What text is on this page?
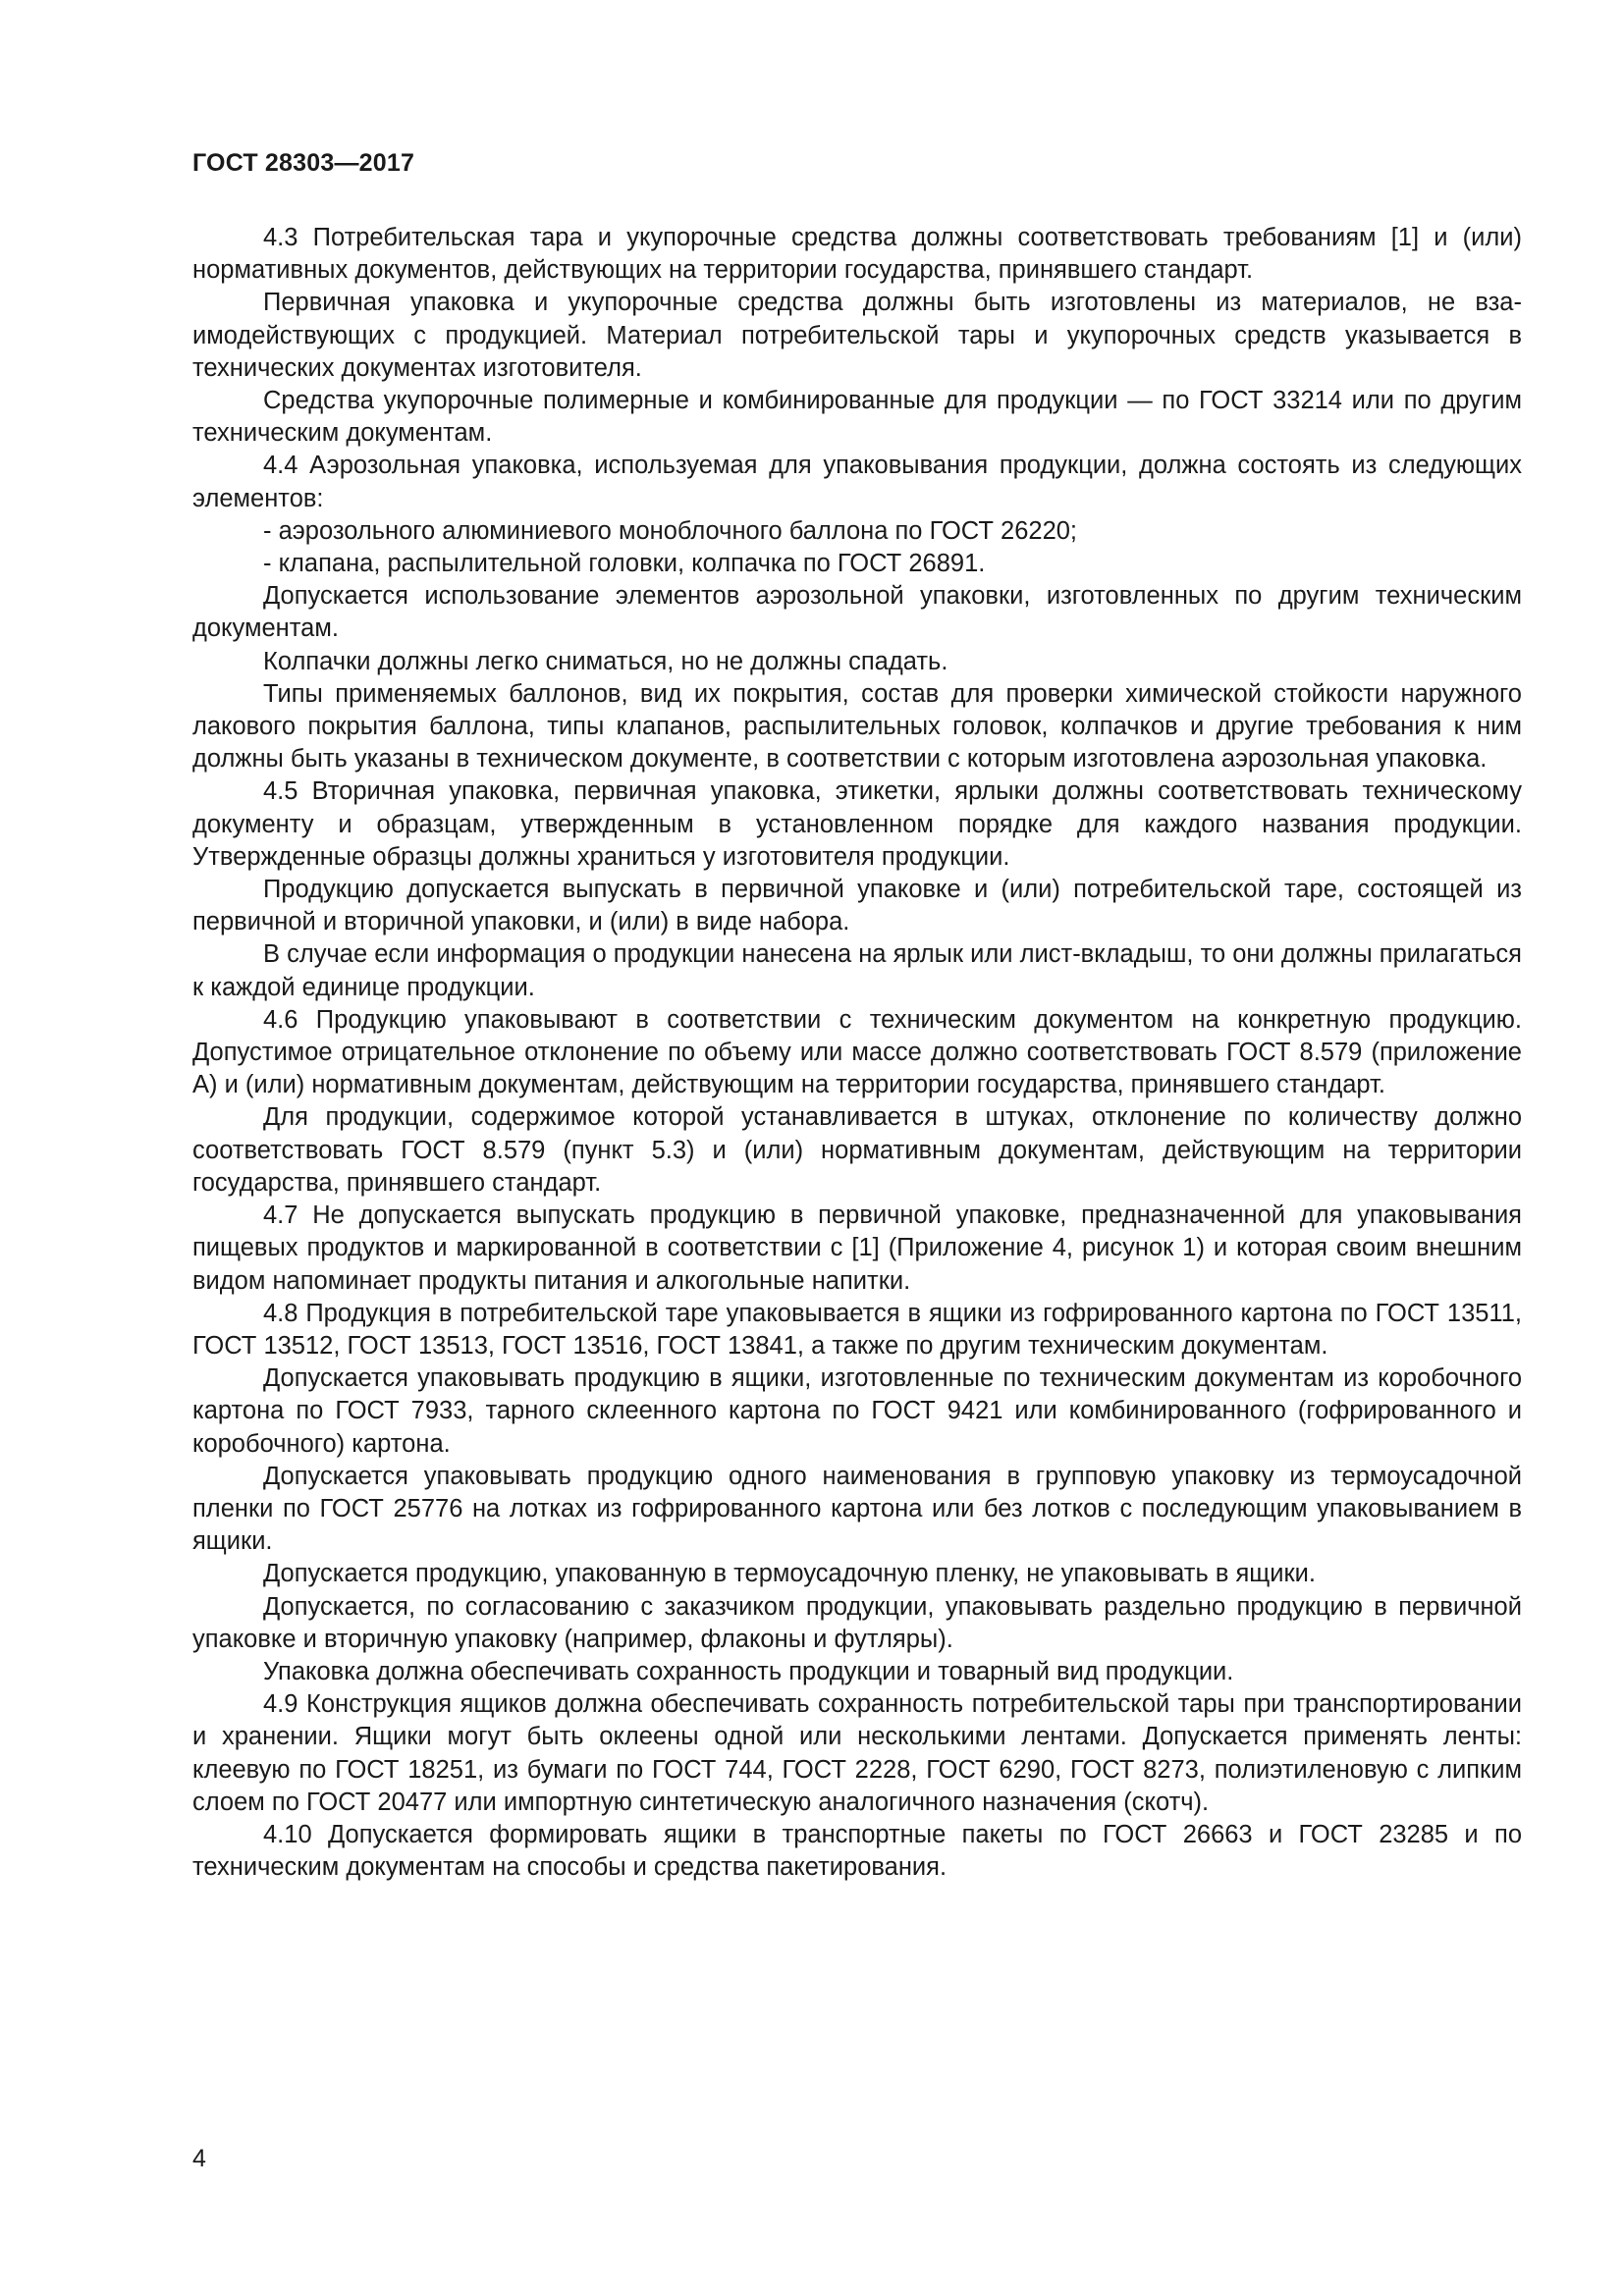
ГОСТ 28303—2017

4.3 Потребительская тара и укупорочные средства должны соответствовать требованиям [1] и (или) нормативных документов, действующих на территории государства, принявшего стандарт.

Первичная упаковка и укупорочные средства должны быть изготовлены из материалов, не взаимодействующих с продукцией. Материал потребительской тары и укупорочных средств указывается в технических документах изготовителя.

Средства укупорочные полимерные и комбинированные для продукции — по ГОСТ 33214 или по другим техническим документам.

4.4 Аэрозольная упаковка, используемая для упаковывания продукции, должна состоять из следующих элементов:

- аэрозольного алюминиевого моноблочного баллона по ГОСТ 26220;

- клапана, распылительной головки, колпачка по ГОСТ 26891.

Допускается использование элементов аэрозольной упаковки, изготовленных по другим техническим документам.

Колпачки должны легко сниматься, но не должны спадать.

Типы применяемых баллонов, вид их покрытия, состав для проверки химической стойкости наружного лакового покрытия баллона, типы клапанов, распылительных головок, колпачков и другие требования к ним должны быть указаны в техническом документе, в соответствии с которым изготовлена аэрозольная упаковка.

4.5 Вторичная упаковка, первичная упаковка, этикетки, ярлыки должны соответствовать техническому документу и образцам, утвержденным в установленном порядке для каждого названия продукции. Утвержденные образцы должны храниться у изготовителя продукции.

Продукцию допускается выпускать в первичной упаковке и (или) потребительской таре, состоящей из первичной и вторичной упаковки, и (или) в виде набора.

В случае если информация о продукции нанесена на ярлык или лист-вкладыш, то они должны прилагаться к каждой единице продукции.

4.6 Продукцию упаковывают в соответствии с техническим документом на конкретную продукцию. Допустимое отрицательное отклонение по объему или массе должно соответствовать ГОСТ 8.579 (приложение А) и (или) нормативным документам, действующим на территории государства, принявшего стандарт.

Для продукции, содержимое которой устанавливается в штуках, отклонение по количеству должно соответствовать ГОСТ 8.579 (пункт 5.3) и (или) нормативным документам, действующим на территории государства, принявшего стандарт.

4.7 Не допускается выпускать продукцию в первичной упаковке, предназначенной для упаковывания пищевых продуктов и маркированной в соответствии с [1] (Приложение 4, рисунок 1) и которая своим внешним видом напоминает продукты питания и алкогольные напитки.

4.8 Продукция в потребительской таре упаковывается в ящики из гофрированного картона по ГОСТ 13511, ГОСТ 13512, ГОСТ 13513, ГОСТ 13516, ГОСТ 13841, а также по другим техническим документам.

Допускается упаковывать продукцию в ящики, изготовленные по техническим документам из коробочного картона по ГОСТ 7933, тарного склеенного картона по ГОСТ 9421 или комбинированного (гофрированного и коробочного) картона.

Допускается упаковывать продукцию одного наименования в групповую упаковку из термоусадочной пленки по ГОСТ 25776 на лотках из гофрированного картона или без лотков с последующим упаковыванием в ящики.

Допускается продукцию, упакованную в термоусадочную пленку, не упаковывать в ящики.

Допускается, по согласованию с заказчиком продукции, упаковывать раздельно продукцию в первичной упаковке и вторичную упаковку (например, флаконы и футляры).

Упаковка должна обеспечивать сохранность продукции и товарный вид продукции.

4.9 Конструкция ящиков должна обеспечивать сохранность потребительской тары при транспортировании и хранении. Ящики могут быть оклеены одной или несколькими лентами. Допускается применять ленты: клеевую по ГОСТ 18251, из бумаги по ГОСТ 744, ГОСТ 2228, ГОСТ 6290, ГОСТ 8273, полиэтиленовую с липким слоем по ГОСТ 20477 или импортную синтетическую аналогичного назначения (скотч).

4.10 Допускается формировать ящики в транспортные пакеты по ГОСТ 26663 и ГОСТ 23285 и по техническим документам на способы и средства пакетирования.

4
